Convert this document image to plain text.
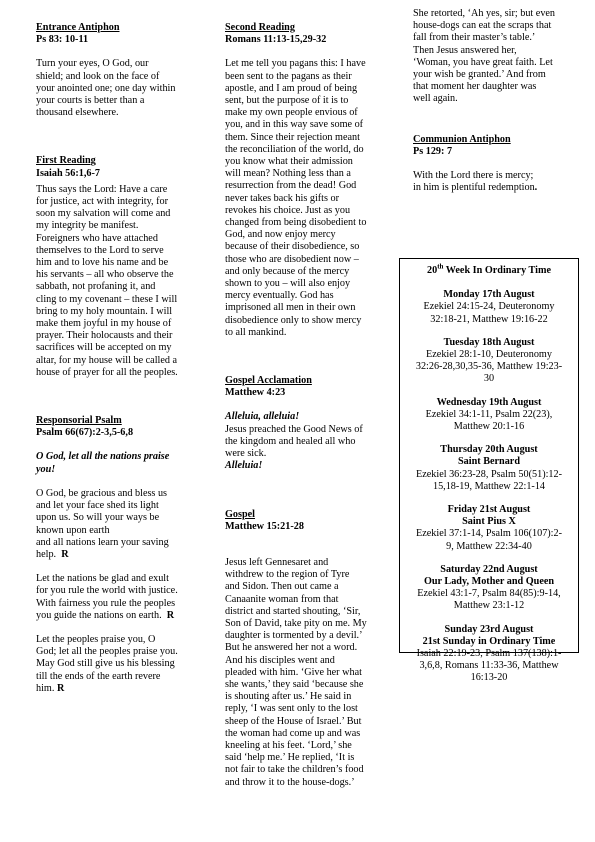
Entrance Antiphon
Ps 83: 10-11
Turn your eyes, O God, our
shield; and look on the face of
your anointed one; one day within
your courts is better than a
thousand elsewhere.
First Reading
Isaiah 56:1,6-7
Thus says the Lord: Have a care
for justice, act with integrity, for
soon my salvation will come and
my integrity be manifest.
Foreigners who have attached
themselves to the Lord to serve
him and to love his name and be
his servants – all who observe the
sabbath, not profaning it, and
cling to my covenant – these I will
bring to my holy mountain. I will
make them joyful in my house of
prayer. Their holocausts and their
sacrifices will be accepted on my
altar, for my house will be called a
house of prayer for all the peoples.
Responsorial Psalm
Psalm 66(67):2-3,5-6,8
O God, let all the nations praise
you!
O God, be gracious and bless us
and let your face shed its light
upon us. So will your ways be
known upon earth
and all nations learn your saving
help. R
Let the nations be glad and exult
for you rule the world with justice.
With fairness you rule the peoples
you guide the nations on earth. R
Let the peoples praise you, O
God; let all the peoples praise you.
May God still give us his blessing
till the ends of the earth revere
him. R
Second Reading
Romans 11:13-15,29-32
Let me tell you pagans this: I have
been sent to the pagans as their
apostle, and I am proud of being
sent, but the purpose of it is to
make my own people envious of
you, and in this way save some of
them. Since their rejection meant
the reconciliation of the world, do
you know what their admission
will mean? Nothing less than a
resurrection from the dead! God
never takes back his gifts or
revokes his choice. Just as you
changed from being disobedient to
God, and now enjoy mercy
because of their disobedience, so
those who are disobedient now –
and only because of the mercy
shown to you – will also enjoy
mercy eventually. God has
imprisoned all men in their own
disobedience only to show mercy
to all mankind.
Gospel Acclamation
Matthew 4:23
Alleluia, alleluia!
Jesus preached the Good News of
the kingdom and healed all who
were sick.
Alleluia!
Gospel
Matthew 15:21-28
Jesus left Gennesaret and
withdrew to the region of Tyre
and Sidon. Then out came a
Canaanite woman from that
district and started shouting, ‘Sir,
Son of David, take pity on me. My
daughter is tormented by a devil.’
But he answered her not a word.
And his disciples went and
pleaded with him. ‘Give her what
she wants,’ they said ‘because she
is shouting after us.’ He said in
reply, ‘I was sent only to the lost
sheep of the House of Israel.’ But
the woman had come up and was
kneeling at his feet. ‘Lord,’ she
said ‘help me.’ He replied, ‘It is
not fair to take the children’s food
and throw it to the house-dogs.’
She retorted, ‘Ah yes, sir; but even
house-dogs can eat the scraps that
fall from their master’s table.’
Then Jesus answered her,
‘Woman, you have great faith. Let
your wish be granted.’ And from
that moment her daughter was
well again.
Communion Antiphon
Ps 129: 7
With the Lord there is mercy;
in him is plentiful redemption.
20th Week In Ordinary Time
Monday 17th August
Ezekiel 24:15-24, Deuteronomy
32:18-21, Matthew 19:16-22
Tuesday 18th August
Ezekiel 28:1-10, Deuteronomy
32:26-28,30,35-36, Matthew 19:23-
30
Wednesday 19th August
Ezekiel 34:1-11, Psalm 22(23),
Matthew 20:1-16
Thursday 20th August
Saint Bernard
Ezekiel 36:23-28, Psalm 50(51):12-
15,18-19, Matthew 22:1-14
Friday 21st August
Saint Pius X
Ezekiel 37:1-14, Psalm 106(107):2-
9, Matthew 22:34-40
Saturday 22nd August
Our Lady, Mother and Queen
Ezekiel 43:1-7, Psalm 84(85):9-14,
Matthew 23:1-12
Sunday 23rd August
21st Sunday in Ordinary Time
Isaiah 22:19-23, Psalm 137(138):1-
3,6,8, Romans 11:33-36, Matthew
16:13-20
